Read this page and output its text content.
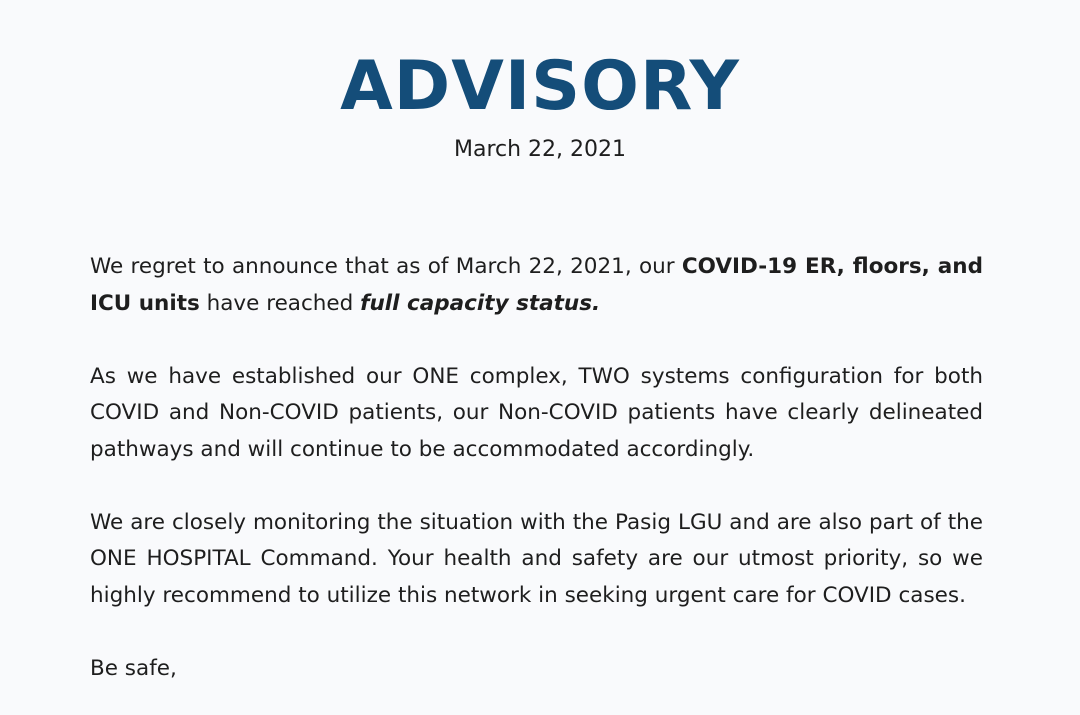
ADVISORY
March 22, 2021

We regret to announce that as of March 22, 2021, our COVID-19 ER, floors, and ICU units have reached full capacity status.

As we have established our ONE complex, TWO systems configuration for both COVID and Non-COVID patients, our Non-COVID patients have clearly delineated pathways and will continue to be accommodated accordingly.

We are closely monitoring the situation with the Pasig LGU and are also part of the ONE HOSPITAL Command. Your health and safety are our utmost priority, so we highly recommend to utilize this network in seeking urgent care for COVID cases.

Be safe,
